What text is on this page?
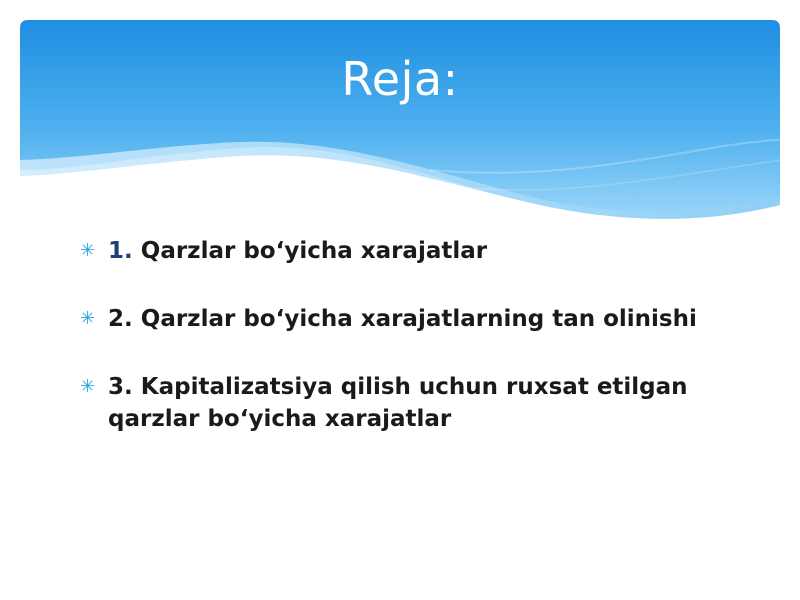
Reja:
✳ 1. Qarzlar bo‘yicha xarajatlar
✳ 2. Qarzlar bo‘yicha xarajatlarning tan olinishi
✳ 3. Kapitalizatsiya qilish uchun ruxsat etilgan qarzlar bo‘yicha xarajatlar
